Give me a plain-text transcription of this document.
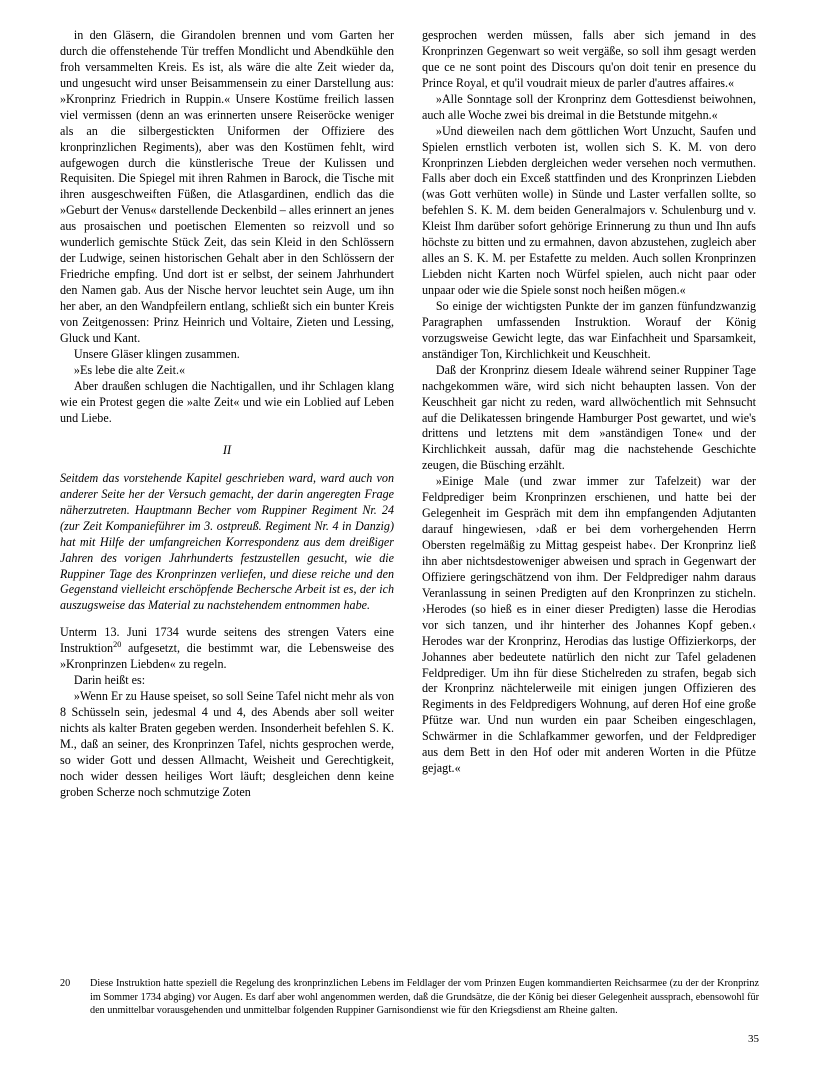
in den Gläsern, die Girandolen brennen und vom Garten her durch die offenstehende Tür treffen Mondlicht und Abendkühle den froh versammelten Kreis. Es ist, als wäre die alte Zeit wieder da, und ungesucht wird unser Beisammensein zu einer Darstellung aus: »Kronprinz Friedrich in Ruppin.« Unsere Kostüme freilich lassen viel vermissen (denn an was erinnerten unsere Reiseröcke weniger als an die silbergestickten Uniformen der Offiziere des kronprinzlichen Regiments), aber was den Kostümen fehlt, wird aufgewogen durch die künstlerische Treue der Kulissen und Requisiten. Die Spiegel mit ihren Rahmen in Barock, die Tische mit ihren ausgeschweiften Füßen, die Atlasgardinen, endlich das die »Geburt der Venus« darstellende Deckenbild – alles erinnert an jenes aus prosaischen und poetischen Elementen so reizvoll und so wunderlich gemischte Stück Zeit, das sein Kleid in den Schlössern der Ludwige, seinen historischen Gehalt aber in den Schlössern der Friedriche empfing. Und dort ist er selbst, der seinem Jahrhundert den Namen gab. Aus der Nische hervor leuchtet sein Auge, um ihn her aber, an den Wandpfeilern entlang, schließt sich ein bunter Kreis von Zeitgenossen: Prinz Heinrich und Voltaire, Zieten und Lessing, Gluck und Kant.

Unsere Gläser klingen zusammen.

»Es lebe die alte Zeit.«

Aber draußen schlugen die Nachtigallen, und ihr Schlagen klang wie ein Protest gegen die »alte Zeit« und wie ein Loblied auf Leben und Liebe.

II

Seitdem das vorstehende Kapitel geschrieben ward, ward auch von anderer Seite her der Versuch gemacht, der darin angeregten Frage näherzutreten. Hauptmann Becher vom Ruppiner Regiment Nr. 24 (zur Zeit Kompanieführer im 3. ostpreuß. Regiment Nr. 4 in Danzig) hat mit Hilfe der umfangreichen Korrespondenz aus dem dreißiger Jahren des vorigen Jahrhunderts festzustellen gesucht, wie die Ruppiner Tage des Kronprinzen verliefen, und diese reiche und den Gegenstand vielleicht erschöpfende Bechersche Arbeit ist es, der ich auszugsweise das Material zu nachstehendem entnommen habe.

Unterm 13. Juni 1734 wurde seitens des strengen Vaters eine Instruktion$^{20}$ aufgesetzt, die bestimmt war, die Lebensweise des »Kronprinzen Liebden« zu regeln.

Darin heißt es:

»Wenn Er zu Hause speiset, so soll Seine Tafel nicht mehr als von 8 Schüsseln sein, jedesmal 4 und 4, des Abends aber soll weiter nichts als kalter Braten gegeben werden. Insonderheit befehlen S. K. M., daß an seiner, des Kronprinzen Tafel, nichts gesprochen werde, so wider Gott und dessen Allmacht, Weisheit und Gerechtigkeit, noch wider dessen heiliges Wort läuft; desgleichen denn keine groben Scherze noch schmutzige Zoten

gesprochen werden müssen, falls aber sich jemand in des Kronprinzen Gegenwart so weit vergäße, so soll ihm gesagt werden que ce ne sont point des Discours qu'on doit tenir en presence du Prince Royal, et qu'il voudrait mieux de parler d'autres affaires.«

»Alle Sonntage soll der Kronprinz dem Gottesdienst beiwohnen, auch alle Woche zwei bis dreimal in die Betstunde mitgehn.«

»Und dieweilen nach dem göttlichen Wort Unzucht, Saufen und Spielen ernstlich verboten ist, wollen sich S. K. M. von dero Kronprinzen Liebden dergleichen weder versehen noch vermuthen. Falls aber doch ein Exceß stattfinden und des Kronprinzen Liebden (was Gott verhüten wolle) in Sünde und Laster verfallen sollte, so befehlen S. K. M. dem beiden Generalmajors v. Schulenburg und v. Kleist Ihm darüber sofort gehörige Erinnerung zu thun und Ihn aufs höchste zu bitten und zu ermahnen, davon abzustehen, zugleich aber alles an S. K. M. per Estafette zu melden. Auch sollen Kronprinzen Liebden nicht Karten noch Würfel spielen, auch nicht paar oder unpaar oder wie die Spiele sonst noch heißen mögen.«

So einige der wichtigsten Punkte der im ganzen fünfundzwanzig Paragraphen umfassenden Instruktion. Worauf der König vorzugsweise Gewicht legte, das war Einfachheit und Sparsamkeit, anständiger Ton, Kirchlichkeit und Keuschheit.

Daß der Kronprinz diesem Ideale während seiner Ruppiner Tage nachgekommen wäre, wird sich nicht behaupten lassen. Von der Keuschheit gar nicht zu reden, ward allwöchentlich mit Sehnsucht auf die Delikatessen bringende Hamburger Post gewartet, und wie's drittens und letztens mit dem »anständigen Tone« und der Kirchlichkeit aussah, dafür mag die nachstehende Geschichte zeugen, die Büsching erzählt.

»Einige Male (und zwar immer zur Tafelzeit) war der Feldprediger beim Kronprinzen erschienen, und hatte bei der Gelegenheit im Gespräch mit dem ihn empfangenden Adjutanten darauf hingewiesen, ›daß er bei dem vorhergehenden Herrn Obersten regelmäßig zu Mittag gespeist habe‹. Der Kronprinz ließ ihn aber nichtsdestoweniger abweisen und sprach in Gegenwart der Offiziere geringschätzend von ihm. Der Feldprediger nahm daraus Veranlassung in seinen Predigten auf den Kronprinzen zu sticheln. ›Herodes (so hieß es in einer dieser Predigten) lasse die Herodias vor sich tanzen, und ihr hinterher des Johannes Kopf geben.‹ Herodes war der Kronprinz, Herodias das lustige Offizierkorps, der Johannes aber bedeutete natürlich den nicht zur Tafel geladenen Feldprediger. Um ihn für diese Stichelreden zu strafen, begab sich der Kronprinz nächtelerweile mit einigen jungen Offizieren des Regiments in des Feldpredigers Wohnung, auf deren Hof eine große Pfütze war. Und nun wurden ein paar Scheiben eingeschlagen, Schwärmer in die Schlafkammer geworfen, und der Feldprediger aus dem Bett in den Hof oder mit anderen Worten in die Pfütze gejagt.«

20	Diese Instruktion hatte speziell die Regelung des kronprinzlichen Lebens im Feldlager der vom Prinzen Eugen kommandierten Reichsarmee (zu der der Kronprinz im Sommer 1734 abging) vor Augen. Es darf aber wohl angenommen werden, daß die Grundsätze, die der König bei dieser Gelegenheit aussprach, ebensowohl für den unmittelbar vorausgehenden und unmittelbar folgenden Ruppiner Garnisondienst wie für den Kriegsdienst am Rheine galten.
35
